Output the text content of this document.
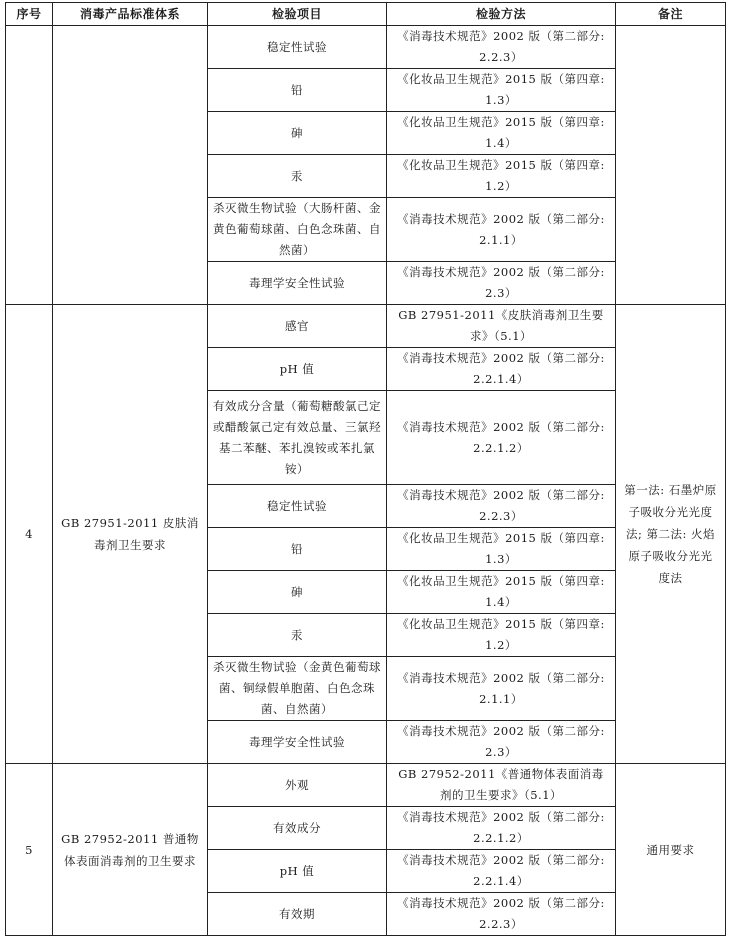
序号	消毒产品标准体系	检验项目	检验方法	备注
		稳定性试验	《消毒技术规范》2002 版（第二部分: 2.2.3）	
		铅	《化妆品卫生规范》2015 版（第四章: 1.3）	
		砷	《化妆品卫生规范》2015 版（第四章: 1.4）	
		汞	《化妆品卫生规范》2015 版（第四章: 1.2）	
		杀灭微生物试验（大肠杆菌、金黄色葡萄球菌、白色念珠菌、自然菌）	《消毒技术规范》2002 版（第二部分: 2.1.1）	
		毒理学安全性试验	《消毒技术规范》2002 版（第二部分: 2.3）	
4	GB 27951-2011 皮肤消毒剂卫生要求	感官	GB 27951-2011《皮肤消毒剂卫生要求》（5.1）	第一法: 石墨炉原子吸收分光光度法; 第二法: 火焰原子吸收分光光度法
		pH 值	《消毒技术规范》2002 版（第二部分: 2.2.1.4）	
		有效成分含量（葡萄糖酸氯己定或醋酸氯己定有效总量、三氯羟基二苯醚、苯扎溴铵或苯扎氯铵）	《消毒技术规范》2002 版（第二部分: 2.2.1.2）	
		稳定性试验	《消毒技术规范》2002 版（第二部分: 2.2.3）	
		铅	《化妆品卫生规范》2015 版（第四章: 1.3）	
		砷	《化妆品卫生规范》2015 版（第四章: 1.4）	
		汞	《化妆品卫生规范》2015 版（第四章: 1.2）	
		杀灭微生物试验（金黄色葡萄球菌、铜绿假单胞菌、白色念珠菌、自然菌）	《消毒技术规范》2002 版（第二部分: 2.1.1）	
		毒理学安全性试验	《消毒技术规范》2002 版（第二部分: 2.3）	
5	GB 27952-2011 普通物体表面消毒剂的卫生要求	外观	GB 27952-2011《普通物体表面消毒剂的卫生要求》（5.1）	通用要求
		有效成分	《消毒技术规范》2002 版（第二部分: 2.2.1.2）	
		pH 值	《消毒技术规范》2002 版（第二部分: 2.2.1.4）	
		有效期	《消毒技术规范》2002 版（第二部分: 2.2.3）	
